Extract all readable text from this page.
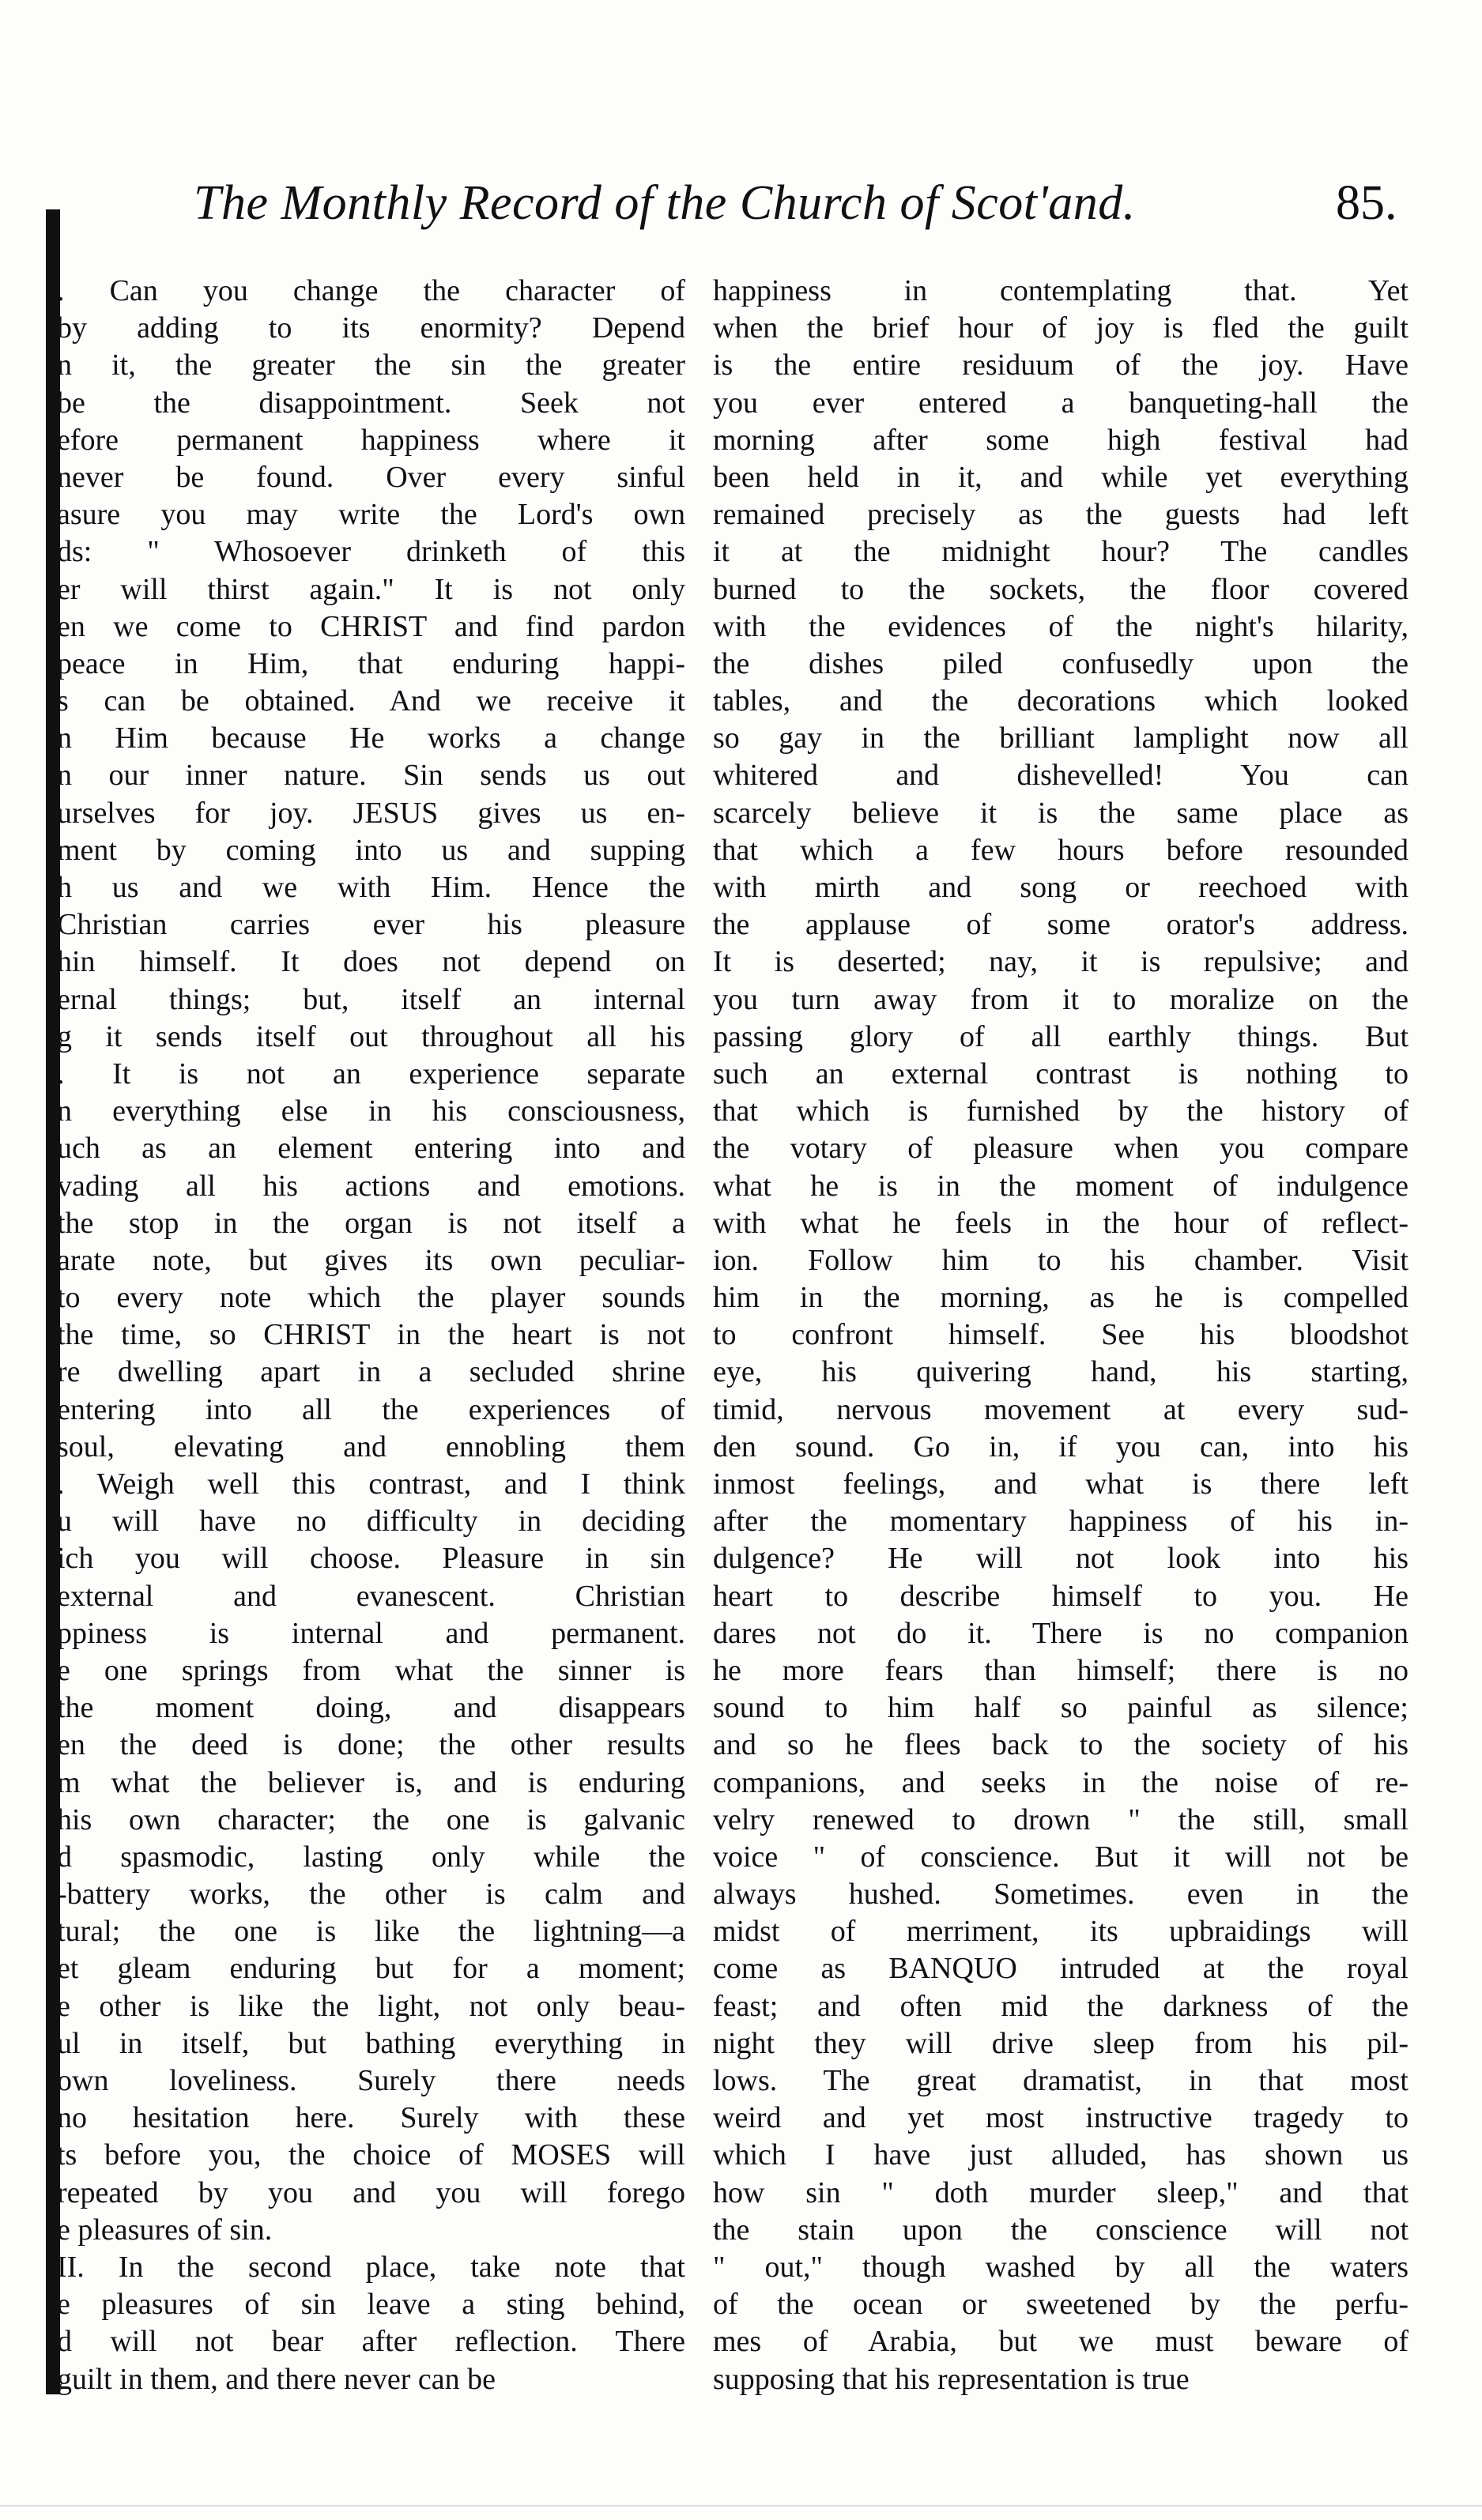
The Monthly Record of the Church of Scot'and.	85.
. Can you change the character of
by adding to its enormity? Depend
n it, the greater the sin the greater
be the disappointment. Seek not
efore permanent happiness where it
never be found. Over every sinful
asure you may write the Lord's own
ds: " Whosoever drinketh of this
er will thirst again." It is not only
en we come to CHRIST and find pardon
peace in Him, that enduring happi-
s can be obtained. And we receive it
n Him because He works a change
n our inner nature. Sin sends us out
urselves for joy. JESUS gives us en-
ment by coming into us and supping
h us and we with Him. Hence the
Christian carries ever his pleasure
hin himself. It does not depend on
ernal things; but, itself an internal
g it sends itself out throughout all his
. It is not an experience separate
n everything else in his consciousness,
uch as an element entering into and
vading all his actions and emotions.
the stop in the organ is not itself a
arate note, but gives its own peculiar-
to every note which the player sounds
the time, so CHRIST in the heart is not
re dwelling apart in a secluded shrine
entering into all the experiences of
soul, elevating and ennobling them
. Weigh well this contrast, and I think
u will have no difficulty in deciding
ich you will choose. Pleasure in sin
external and evanescent. Christian
ppiness is internal and permanent.
e one springs from what the sinner is
the moment doing, and disappears
en the deed is done; the other results
m what the believer is, and is enduring
his own character; the one is galvanic
d spasmodic, lasting only while the
-battery works, the other is calm and
tural; the one is like the lightning—a
et gleam enduring but for a moment;
e other is like the light, not only beau-
ul in itself, but bathing everything in
own loveliness. Surely there needs
no hesitation here. Surely with these
ts before you, the choice of MOSES will
repeated by you and you will forego
e pleasures of sin.
II. In the second place, take note that
e pleasures of sin leave a sting behind,
d will not bear after reflection. There
guilt in them, and there never can be
happiness in contemplating that. Yet
when the brief hour of joy is fled the guilt
is the entire residuum of the joy. Have
you ever entered a banqueting-hall the
morning after some high festival had
been held in it, and while yet everything
remained precisely as the guests had left
it at the midnight hour? The candles
burned to the sockets, the floor covered
with the evidences of the night's hilarity,
the dishes piled confusedly upon the
tables, and the decorations which looked
so gay in the brilliant lamplight now all
whitered and dishevelled! You can
scarcely believe it is the same place as
that which a few hours before resounded
with mirth and song or reechoed with
the applause of some orator's address.
It is deserted; nay, it is repulsive; and
you turn away from it to moralize on the
passing glory of all earthly things. But
such an external contrast is nothing to
that which is furnished by the history of
the votary of pleasure when you compare
what he is in the moment of indulgence
with what he feels in the hour of reflect-
ion. Follow him to his chamber. Visit
him in the morning, as he is compelled
to confront himself. See his bloodshot
eye, his quivering hand, his starting,
timid, nervous movement at every sud-
den sound. Go in, if you can, into his
inmost feelings, and what is there left
after the momentary happiness of his in-
dulgence? He will not look into his
heart to describe himself to you. He
dares not do it. There is no companion
he more fears than himself; there is no
sound to him half so painful as silence;
and so he flees back to the society of his
companions, and seeks in the noise of re-
velry renewed to drown " the still, small
voice " of conscience. But it will not be
always hushed. Sometimes. even in the
midst of merriment, its upbraidings will
come as BANQUO intruded at the royal
feast; and often mid the darkness of the
night they will drive sleep from his pil-
lows. The great dramatist, in that most
weird and yet most instructive tragedy to
which I have just alluded, has shown us
how sin " doth murder sleep," and that
the stain upon the conscience will not
" out," though washed by all the waters
of the ocean or sweetened by the perfu-
mes of Arabia, but we must beware of
supposing that his representation is true
